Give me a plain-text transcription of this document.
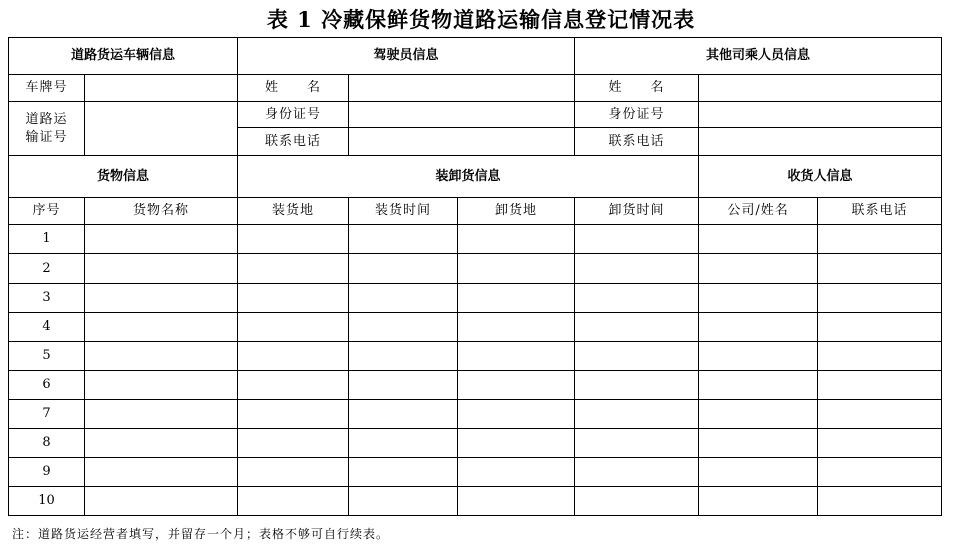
表 1 冷藏保鲜货物道路运输信息登记情况表
道路货运车辆信息		驾驶员信息			其他司乘人员信息		
车牌号		姓 名			姓 名		
道路运
输证号		身份证号			身份证号		
		联系电话			联系电话		
货物信息		装卸货信息				收货人信息	
序号	货物名称	装货地	装货时间	卸货地	卸货时间	公司/姓名	联系电话
1							
2							
3							
4							
5							
6							
7							
8							
9							
10							
注：道路货运经营者填写，并留存一个月；表格不够可自行续表。
